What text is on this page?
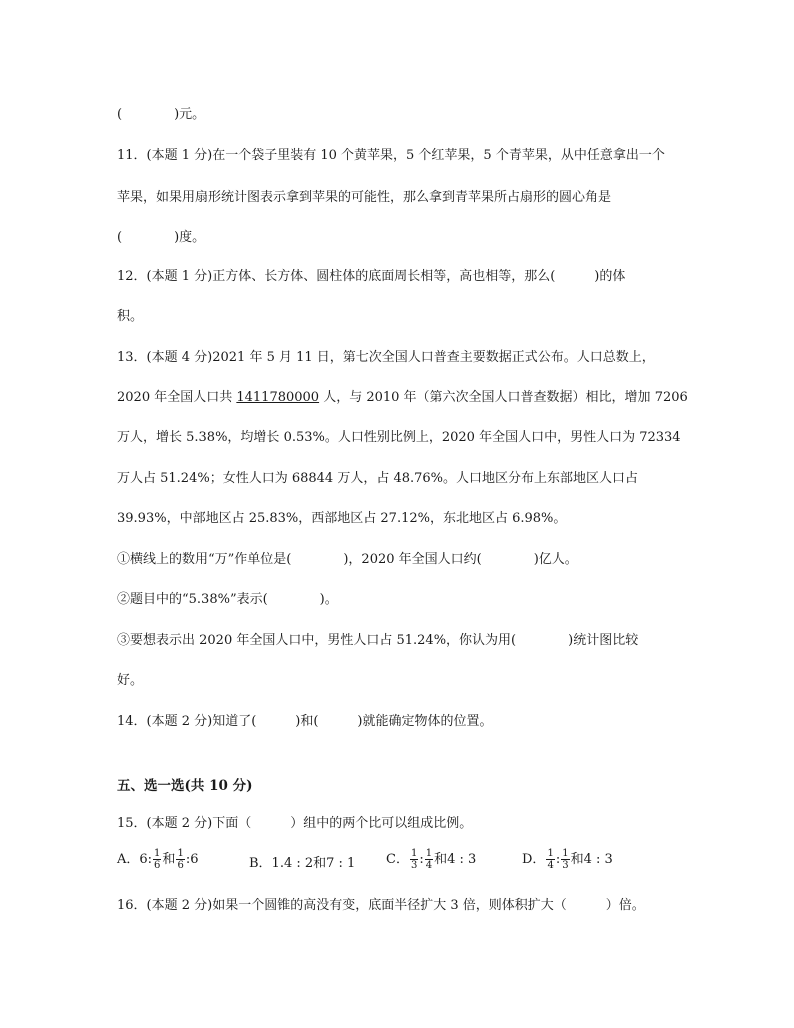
(　　　　)元。
11．(本题 1 分)在一个袋子里装有 10 个黄苹果，5 个红苹果，5 个青苹果，从中任意拿出一个
苹果，如果用扇形统计图表示拿到苹果的可能性，那么拿到青苹果所占扇形的圆心角是
(　　　　)度。
12．(本题 1 分)正方体、长方体、圆柱体的底面周长相等，高也相等，那么(　　　)的体
积。
13．(本题 4 分)2021 年 5 月 11 日，第七次全国人口普查主要数据正式公布。人口总数上，
2020 年全国人口共 1411780000 人，与 2010 年（第六次全国人口普查数据）相比，增加 7206
万人，增长 5.38%，均增长 0.53%。人口性别比例上，2020 年全国人口中，男性人口为 72334
万人占 51.24%；女性人口为 68844 万人，占 48.76%。人口地区分布上东部地区人口占
39.93%，中部地区占 25.83%，西部地区占 27.12%，东北地区占 6.98%。
①横线上的数用“万”作单位是(　　　　)，2020 年全国人口约(　　　　)亿人。
②题目中的“5.38%”表示(　　　　)。
③要想表示出 2020 年全国人口中，男性人口占 51.24%，你认为用(　　　　)统计图比较
好。
14．(本题 2 分)知道了(　　　)和(　　　)就能确定物体的位置。
五、选一选(共 10 分)
15．(本题 2 分)下面（　　　）组中的两个比可以组成比例。
A．6: $\frac{1}{6}$ 和 $\frac{1}{6}$ :6	B．1.4 : 2和7 : 1 C． $\frac{1}{3}$ : $\frac{1}{4}$ 和4 : 3	D． $\frac{1}{4}$ : $\frac{1}{3}$ 和4 : 3
16．(本题 2 分)如果一个圆锥的高没有变，底面半径扩大 3 倍，则体积扩大（　　　）倍。
